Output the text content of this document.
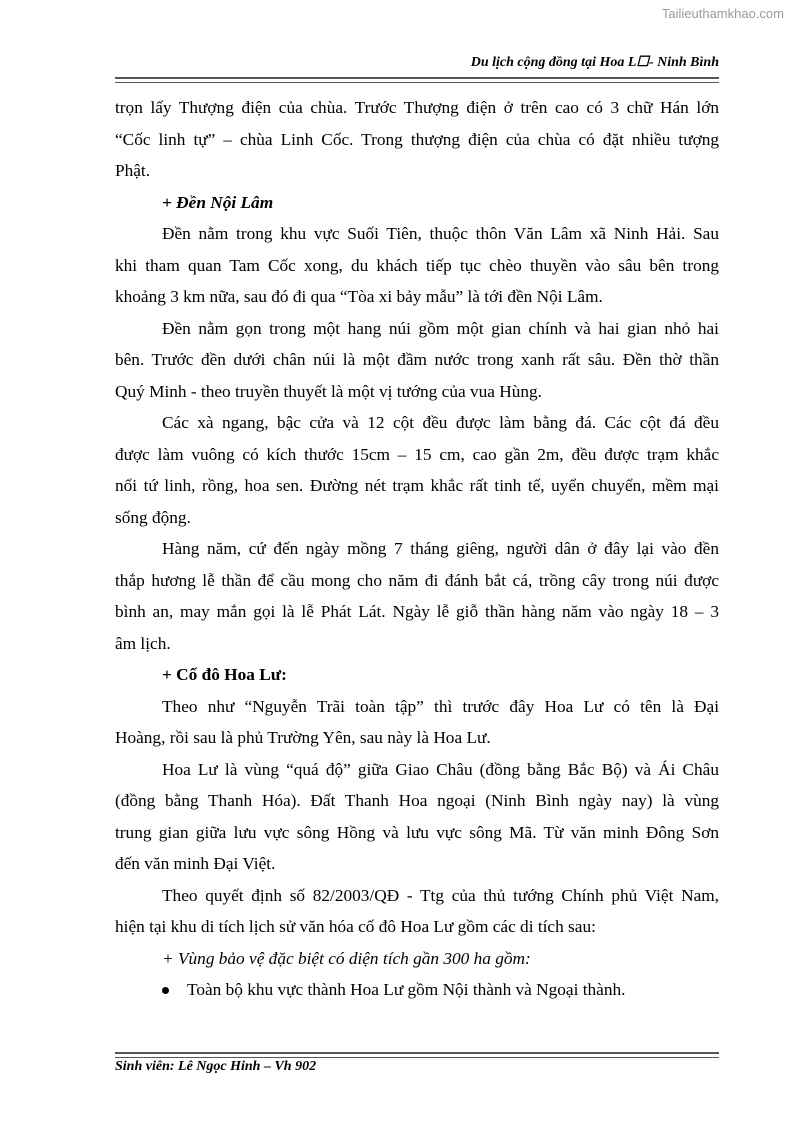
Tailieuthamkhao.com
Du lịch cộng đồng tại Hoa L☐- Ninh Bình
trọn lấy Thượng điện của chùa. Trước Thượng điện ở trên cao có 3 chữ Hán lớn
“Cốc linh tự” – chùa Linh Cốc. Trong thượng điện của chùa có đặt nhiều tượng
Phật.
+ Đền Nội Lâm
Đền nằm trong khu vực Suối Tiên, thuộc thôn Văn Lâm xã Ninh Hải. Sau
khi tham quan Tam Cốc xong, du khách tiếp tục chèo thuyền vào sâu bên trong
khoảng 3 km nữa, sau đó đi qua “Tòa xi bảy mẫu” là tới đền Nội Lâm.
Đền nằm gọn trong một hang núi gồm một gian chính và hai gian nhỏ hai
bên. Trước đền dưới chân núi là một đầm nước trong xanh rất sâu. Đền thờ thần
Quý Minh - theo truyền thuyết là một vị tướng của vua Hùng.
Các xà ngang, bậc cửa và 12 cột đều được làm bằng đá. Các cột đá đều
được làm vuông có kích thước 15cm – 15 cm, cao gần 2m, đều được trạm khắc
nổi tứ linh, rồng, hoa sen. Đường nét trạm khắc rất tinh tế, uyển chuyển, mềm mại
sống động.
Hàng năm, cứ đến ngày mồng 7 tháng giêng, người dân ở đây lại vào đền
thắp hương lễ thần để cầu mong cho năm đi đánh bắt cá, trồng cây trong núi được
bình an, may mắn gọi là lễ Phát Lát. Ngày lễ giỗ thần hàng năm vào ngày 18 – 3
âm lịch.
+ Cố đô Hoa Lư:
Theo như “Nguyễn Trãi toàn tập” thì trước đây Hoa Lư có tên là Đại
Hoàng, rồi sau là phủ Trường Yên, sau này là Hoa Lư.
Hoa Lư là vùng “quá độ” giữa Giao Châu (đồng bằng Bắc Bộ) và Ái Châu
(đồng bằng Thanh Hóa). Đất Thanh Hoa ngoại (Ninh Bình ngày nay) là vùng
trung gian giữa lưu vực sông Hồng và lưu vực sông Mã. Từ văn minh Đông Sơn
đến văn minh Đại Việt.
Theo quyết định số 82/2003/QĐ - Ttg của thủ tướng Chính phủ Việt Nam,
hiện tại khu di tích lịch sử văn hóa cố đô Hoa Lư gồm các di tích sau:
+ Vùng bảo vệ đặc biệt có diện tích gần 300 ha gồm:
Toàn bộ khu vực thành Hoa Lư gồm Nội thành và Ngoại thành.
Sinh viên: Lê Ngọc Hinh – Vh 902
